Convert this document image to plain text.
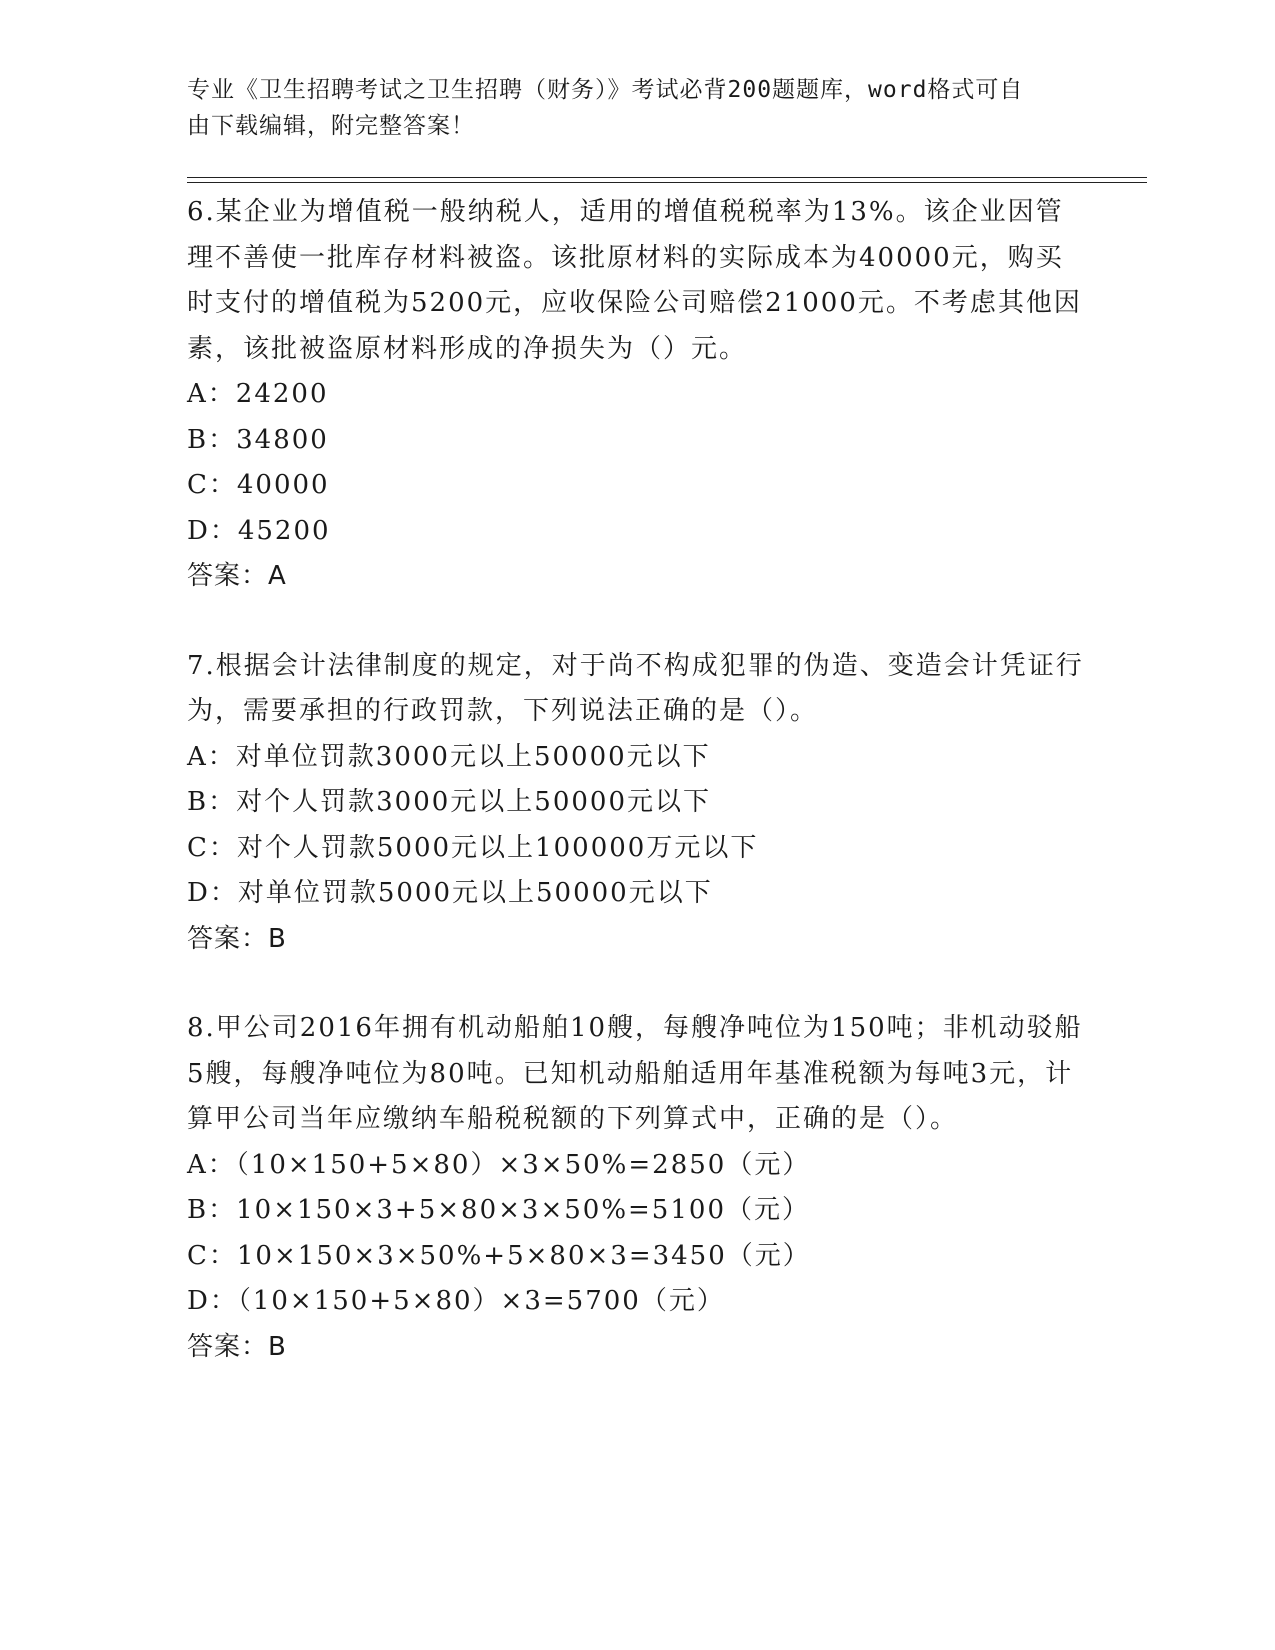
专业《卫生招聘考试之卫生招聘（财务）》考试必背200题题库，word格式可自
由下载编辑，附完整答案！

6.某企业为增值税一般纳税人，适用的增值税税率为13%。该企业因管理不善使一批库存材料被盗。该批原材料的实际成本为40000元，购买时支付的增值税为5200元，应收保险公司赔偿21000元。不考虑其他因素，该批被盗原材料形成的净损失为（）元。

A：24200

B：34800

C：40000

D：45200

答案：A

7.根据会计法律制度的规定，对于尚不构成犯罪的伪造、变造会计凭证行为，需要承担的行政罚款，下列说法正确的是（）。

A：对单位罚款3000元以上50000元以下

B：对个人罚款3000元以上50000元以下

C：对个人罚款5000元以上100000万元以下

D：对单位罚款5000元以上50000元以下

答案：B

8.甲公司2016年拥有机动船舶10艘，每艘净吨位为150吨；非机动驳船5艘，每艘净吨位为80吨。已知机动船舶适用年基准税额为每吨3元，计算甲公司当年应缴纳车船税税额的下列算式中，正确的是（）。

A：（10×150+5×80）×3×50%=2850（元）

B：10×150×3+5×80×3×50%=5100（元）

C：10×150×3×50%+5×80×3=3450（元）

D：（10×150+5×80）×3=5700（元）

答案：B
